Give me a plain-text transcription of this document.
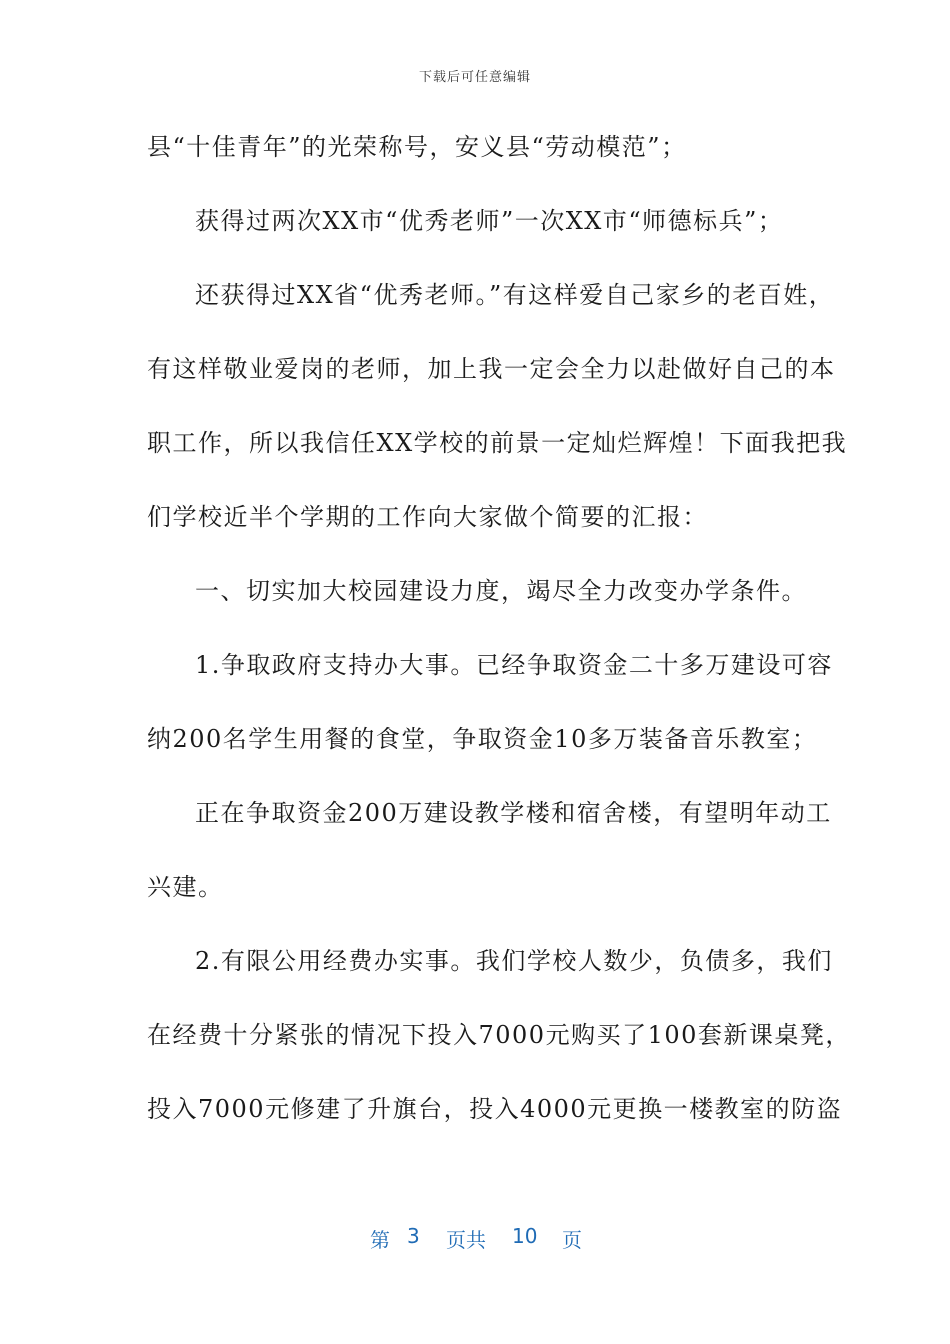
下载后可任意编辑
县“十佳青年”的光荣称号，安义县“劳动模范”；
获得过两次XX市“优秀老师”一次XX市“师德标兵”；
还获得过XX省“优秀老师。”有这样爱自己家乡的老百姓，
有这样敬业爱岗的老师，加上我一定会全力以赴做好自己的本
职工作，所以我信任XX学校的前景一定灿烂辉煌！下面我把我
们学校近半个学期的工作向大家做个简要的汇报：
一、切实加大校园建设力度，竭尽全力改变办学条件。
1.争取政府支持办大事。已经争取资金二十多万建设可容
纳200名学生用餐的食堂，争取资金10多万装备音乐教室；
正在争取资金200万建设教学楼和宿舍楼，有望明年动工
兴建。
2.有限公用经费办实事。我们学校人数少，负债多，我们
在经费十分紧张的情况下投入7000元购买了100套新课桌凳，
投入7000元修建了升旗台，投入4000元更换一楼教室的防盗
第 3 页共 10 页
